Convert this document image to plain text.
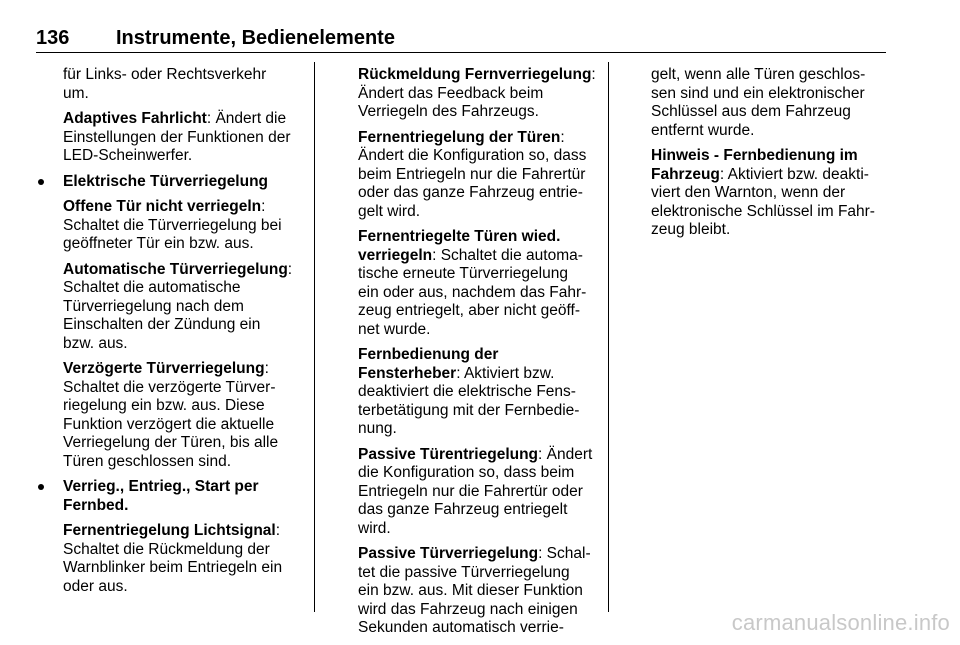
136 Instrumente, Bedienelemente

für Links- oder Rechtsverkehr
um.

Adaptives Fahrlicht: Ändert die
Einstellungen der Funktionen der
LED-Scheinwerfer.

Elektrische Türverriegelung

Offene Tür nicht verriegeln:
Schaltet die Türverriegelung bei
geöffneter Tür ein bzw. aus.

Automatische Türverriegelung:
Schaltet die automatische
Türverriegelung nach dem
Einschalten der Zündung ein
bzw. aus.

Verzögerte Türverriegelung:
Schaltet die verzögerte Türver-
riegelung ein bzw. aus. Diese
Funktion verzögert die aktuelle
Verriegelung der Türen, bis alle
Türen geschlossen sind.

Verrieg., Entrieg., Start per
Fernbed.

Fernentriegelung Lichtsignal:
Schaltet die Rückmeldung der
Warnblinker beim Entriegeln ein
oder aus.

Rückmeldung Fernverriegelung:
Ändert das Feedback beim
Verriegeln des Fahrzeugs.

Fernentriegelung der Türen:
Ändert die Konfiguration so, dass
beim Entriegeln nur die Fahrertür
oder das ganze Fahrzeug entrie-
gelt wird.

Fernentriegelte Türen wied.
verriegeln: Schaltet die automa-
tische erneute Türverriegelung
ein oder aus, nachdem das Fahr-
zeug entriegelt, aber nicht geöff-
net wurde.

Fernbedienung der
Fensterheber: Aktiviert bzw.
deaktiviert die elektrische Fens-
terbetätigung mit der Fernbedie-
nung.

Passive Türentriegelung: Ändert
die Konfiguration so, dass beim
Entriegeln nur die Fahrertür oder
das ganze Fahrzeug entriegelt
wird.

Passive Türverriegelung: Schal-
tet die passive Türverriegelung
ein bzw. aus. Mit dieser Funktion
wird das Fahrzeug nach einigen
Sekunden automatisch verrie-

gelt, wenn alle Türen geschlos-
sen sind und ein elektronischer
Schlüssel aus dem Fahrzeug
entfernt wurde.

Hinweis - Fernbedienung im
Fahrzeug: Aktiviert bzw. deakti-
viert den Warnton, wenn der
elektronische Schlüssel im Fahr-
zeug bleibt.

carmanualsonline.info
